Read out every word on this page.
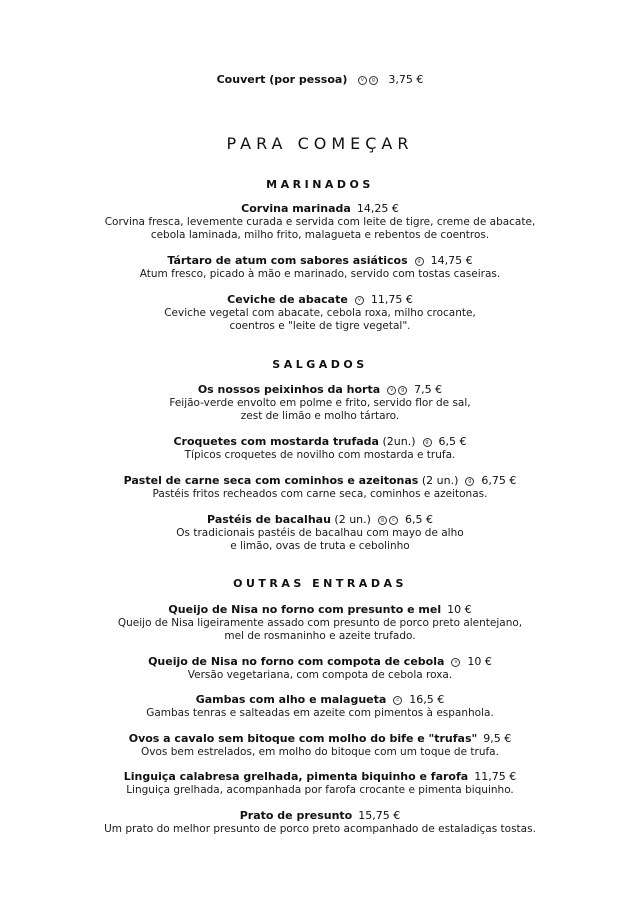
Couvert (por pessoa)	v g 3,75 €
PARA COMEÇAR
MARINADOS
Corvina marinada 14,25 €
Corvina fresca, levemente curada e servida com leite de tigre, creme de abacate,
cebola laminada, milho frito, malagueta e rebentos de coentros.
Tártaro de atum com sabores asiáticos g 14,75 €
Atum fresco, picado à mão e marinado, servido com tostas caseiras.
Ceviche de abacate v 11,75 €
Ceviche vegetal com abacate, cebola roxa, milho crocante,
coentros e "leite de tigre vegetal".
SALGADOS
Os nossos peixinhos da horta v g 7,5 €
Feijão-verde envolto em polme e frito, servido flor de sal,
zest de limão e molho tártaro.
Croquetes com mostarda trufada (2un.) g 6,5 €
Típicos croquetes de novilho com mostarda e trufa.
Pastel de carne seca com cominhos e azeitonas (2 un.) g 6,75 €
Pastéis fritos recheados com carne seca, cominhos e azeitonas.
Pastéis de bacalhau (2 un.) g c 6,5 €
Os tradicionais pastéis de bacalhau com mayo de alho
e limão, ovas de truta e cebolinho
OUTRAS ENTRADAS
Queijo de Nisa no forno com presunto e mel 10 €
Queijo de Nisa ligeiramente assado com presunto de porco preto alentejano,
mel de rosmaninho e azeite trufado.
Queijo de Nisa no forno com compota de cebola v 10 €
Versão vegetariana, com compota de cebola roxa.
Gambas com alho e malagueta c 16,5 €
Gambas tenras e salteadas em azeite com pimentos à espanhola.
Ovos a cavalo sem bitoque com molho do bife e "trufas" 9,5 €
Ovos bem estrelados, em molho do bitoque com um toque de trufa.
Linguiça calabresa grelhada, pimenta biquinho e farofa 11,75 €
Linguiça grelhada, acompanhada por farofa crocante e pimenta biquinho.
Prato de presunto 15,75 €
Um prato do melhor presunto de porco preto acompanhado de estaladiças tostas.
